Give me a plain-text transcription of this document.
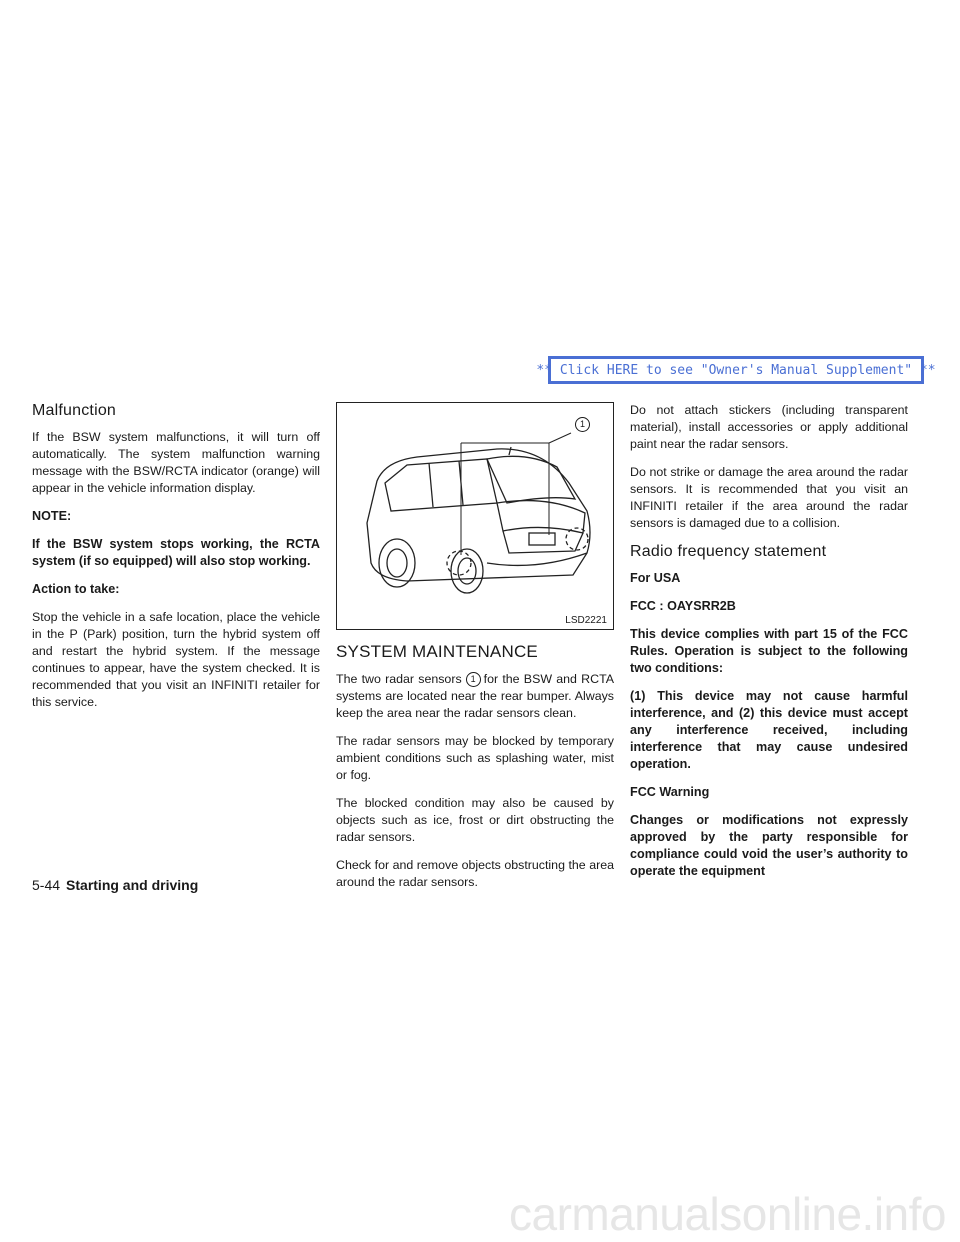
** Click HERE to see "Owner's Manual Supplement" **
Malfunction

If the BSW system malfunctions, it will turn off automatically. The system malfunction warning message with the BSW/RCTA indicator (orange) will appear in the vehicle information display.

NOTE:

If the BSW system stops working, the RCTA system (if so equipped) will also stop working.

Action to take:

Stop the vehicle in a safe location, place the vehicle in the P (Park) position, turn the hybrid system off and restart the hybrid system. If the message continues to appear, have the system checked. It is recommended that you visit an INFINITI retailer for this service.

1
LSD2221
SYSTEM MAINTENANCE

The two radar sensors 1 for the BSW and RCTA systems are located near the rear bumper. Always keep the area near the radar sensors clean.

The radar sensors may be blocked by temporary ambient conditions such as splashing water, mist or fog.

The blocked condition may also be caused by objects such as ice, frost or dirt obstructing the radar sensors.

Check for and remove objects obstructing the area around the radar sensors.

Do not attach stickers (including transparent material), install accessories or apply additional paint near the radar sensors.

Do not strike or damage the area around the radar sensors. It is recommended that you visit an INFINITI retailer if the area around the radar sensors is damaged due to a collision.

Radio frequency statement

For USA

FCC : OAYSRR2B

This device complies with part 15 of the FCC Rules. Operation is subject to the following two conditions:

(1) This device may not cause harmful interference, and (2) this device must accept any interference received, including interference that may cause undesired operation.

FCC Warning

Changes or modifications not expressly approved by the party responsible for compliance could void the user’s authority to operate the equipment

5-44 Starting and driving
carmanualsonline.info
